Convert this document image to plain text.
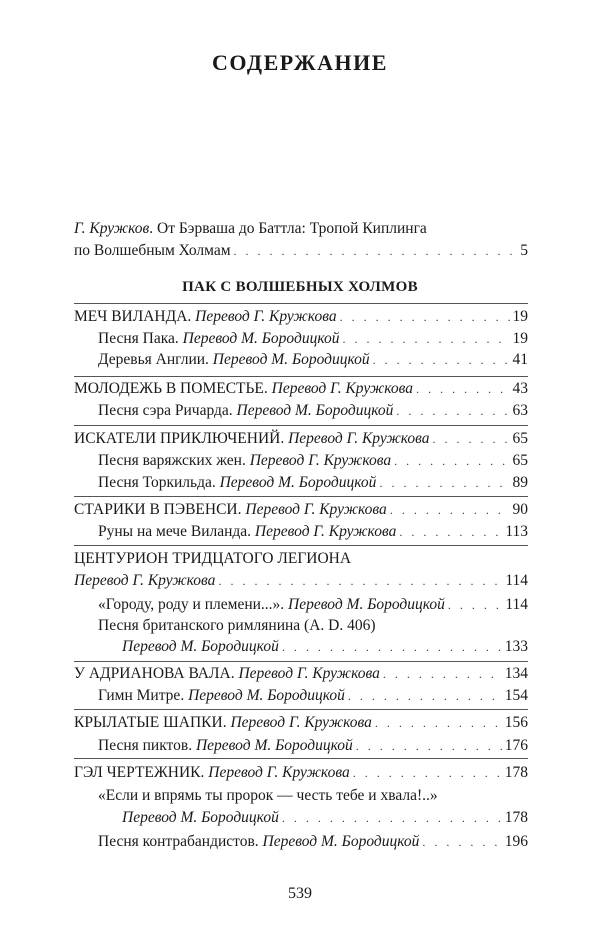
СОДЕРЖАНИЕ
Г. Кружков. От Бэрваша до Баттла: Тропой Киплинга
по Волшебным Холмам . . .	5
ПАК С ВОЛШЕБНЫХ ХОЛМОВ
МЕЧ ВИЛАНДА. Перевод Г. Кружкова . . .	19
Песня Пака. Перевод М. Бородицкой . . .	19
Деревья Англии. Перевод М. Бородицкой . . .	41
МОЛОДЕЖЬ В ПОМЕСТЬЕ. Перевод Г. Кружкова . . .	43
Песня сэра Ричарда. Перевод М. Бородицкой . . .	63
ИСКАТЕЛИ ПРИКЛЮЧЕНИЙ. Перевод Г. Кружкова . . .	65
Песня варяжских жен. Перевод Г. Кружкова . . .	65
Песня Торкильда. Перевод М. Бородицкой . . .	89
СТАРИКИ В ПЭВЕНСИ. Перевод Г. Кружкова . . .	90
Руны на мече Виланда. Перевод Г. Кружкова . . .	113
ЦЕНТУРИОН ТРИДЦАТОГО ЛЕГИОНА
Перевод Г. Кружкова . . .	114
«Городу, роду и племени...». Перевод М. Бородицкой . . .	114
Песня британского римлянина (A. D. 406)
Перевод М. Бородицкой . . .	133
У АДРИАНОВА ВАЛА. Перевод Г. Кружкова . . .	134
Гимн Митре. Перевод М. Бородицкой . . .	154
КРЫЛАТЫЕ ШАПКИ. Перевод Г. Кружкова . . .	156
Песня пиктов. Перевод М. Бородицкой . . .	176
ГЭЛ ЧЕРТЕЖНИК. Перевод Г. Кружкова . . .	178
«Если и впрямь ты пророк — честь тебе и хвала!..»
Перевод М. Бородицкой . . .	178
Песня контрабандистов. Перевод М. Бородицкой . . .	196
539
